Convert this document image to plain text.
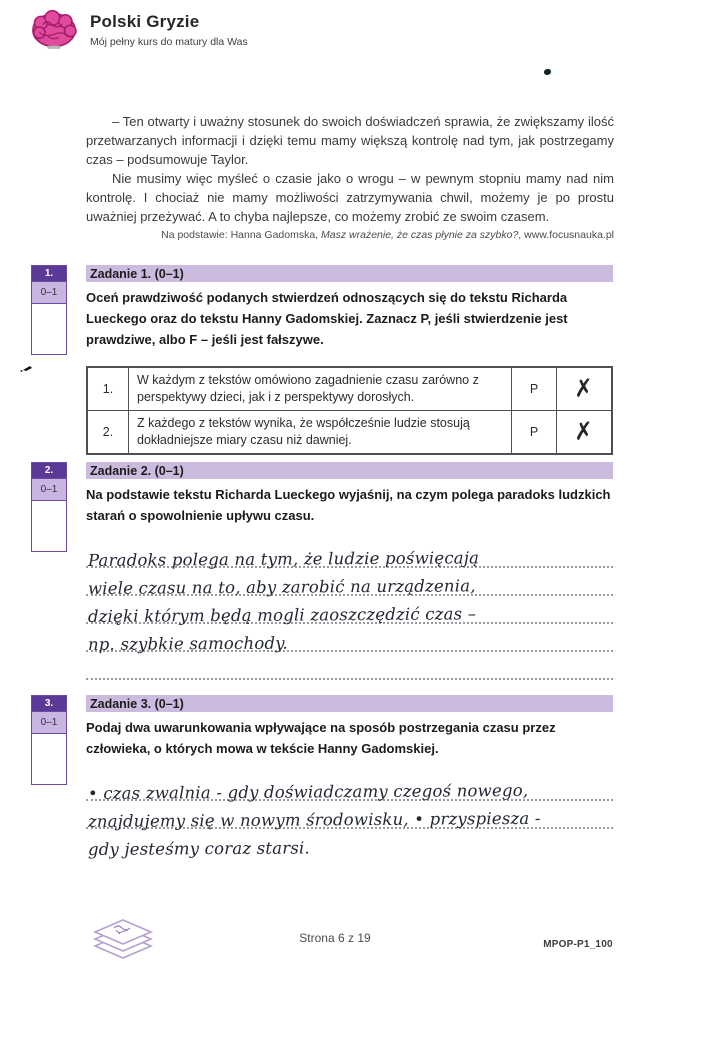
Polski Gryzie
Mój pełny kurs do matury dla Was

– Ten otwarty i uważny stosunek do swoich doświadczeń sprawia, że zwiększamy ilość przetwarzanych informacji i dzięki temu mamy większą kontrolę nad tym, jak postrzegamy czas – podsumowuje Taylor.

Nie musimy więc myśleć o czasie jako o wrogu – w pewnym stopniu mamy nad nim kontrolę. I chociaż nie mamy możliwości zatrzymywania chwil, możemy je po prostu uważniej przeżywać. A to chyba najlepsze, co możemy zrobić ze swoim czasem.

Na podstawie: Hanna Gadomska, Masz wrażenie, że czas płynie za szybko?, www.focusnauka.pl

1.
0–1
Zadanie 1. (0–1)
Oceń prawdziwość podanych stwierdzeń odnoszących się do tekstu Richarda Lueckego oraz do tekstu Hanny Gadomskiej. Zaznacz P, jeśli stwierdzenie jest prawdziwe, albo F – jeśli jest fałszywe.
1.	W każdym z tekstów omówiono zagadnienie czasu zarówno z perspektywy dzieci, jak i z perspektywy dorosłych.	P	✗
2.	Z każdego z tekstów wynika, że współcześnie ludzie stosują dokładniejsze miary czasu niż dawniej.	P	✗
2.
0–1
Zadanie 2. (0–1)
Na podstawie tekstu Richarda Lueckego wyjaśnij, na czym polega paradoks ludzkich starań o spowolnienie upływu czasu.
Paradoks polega na tym, że ludzie poświęcają
wiele czasu na to, aby zarobić na urządzenia,
dzięki którym będą mogli zaoszczędzić czas –
np. szybkie samochody.
3.
0–1
Zadanie 3. (0–1)
Podaj dwa uwarunkowania wpływające na sposób postrzegania czasu przez człowieka, o których mowa w tekście Hanny Gadomskiej.
• czas zwalnia - gdy doświadczamy czegoś nowego,
znajdujemy się w nowym środowisku, • przyspiesza -
gdy jesteśmy coraz starsi.
Strona 6 z 19	MPOP-P1_100
